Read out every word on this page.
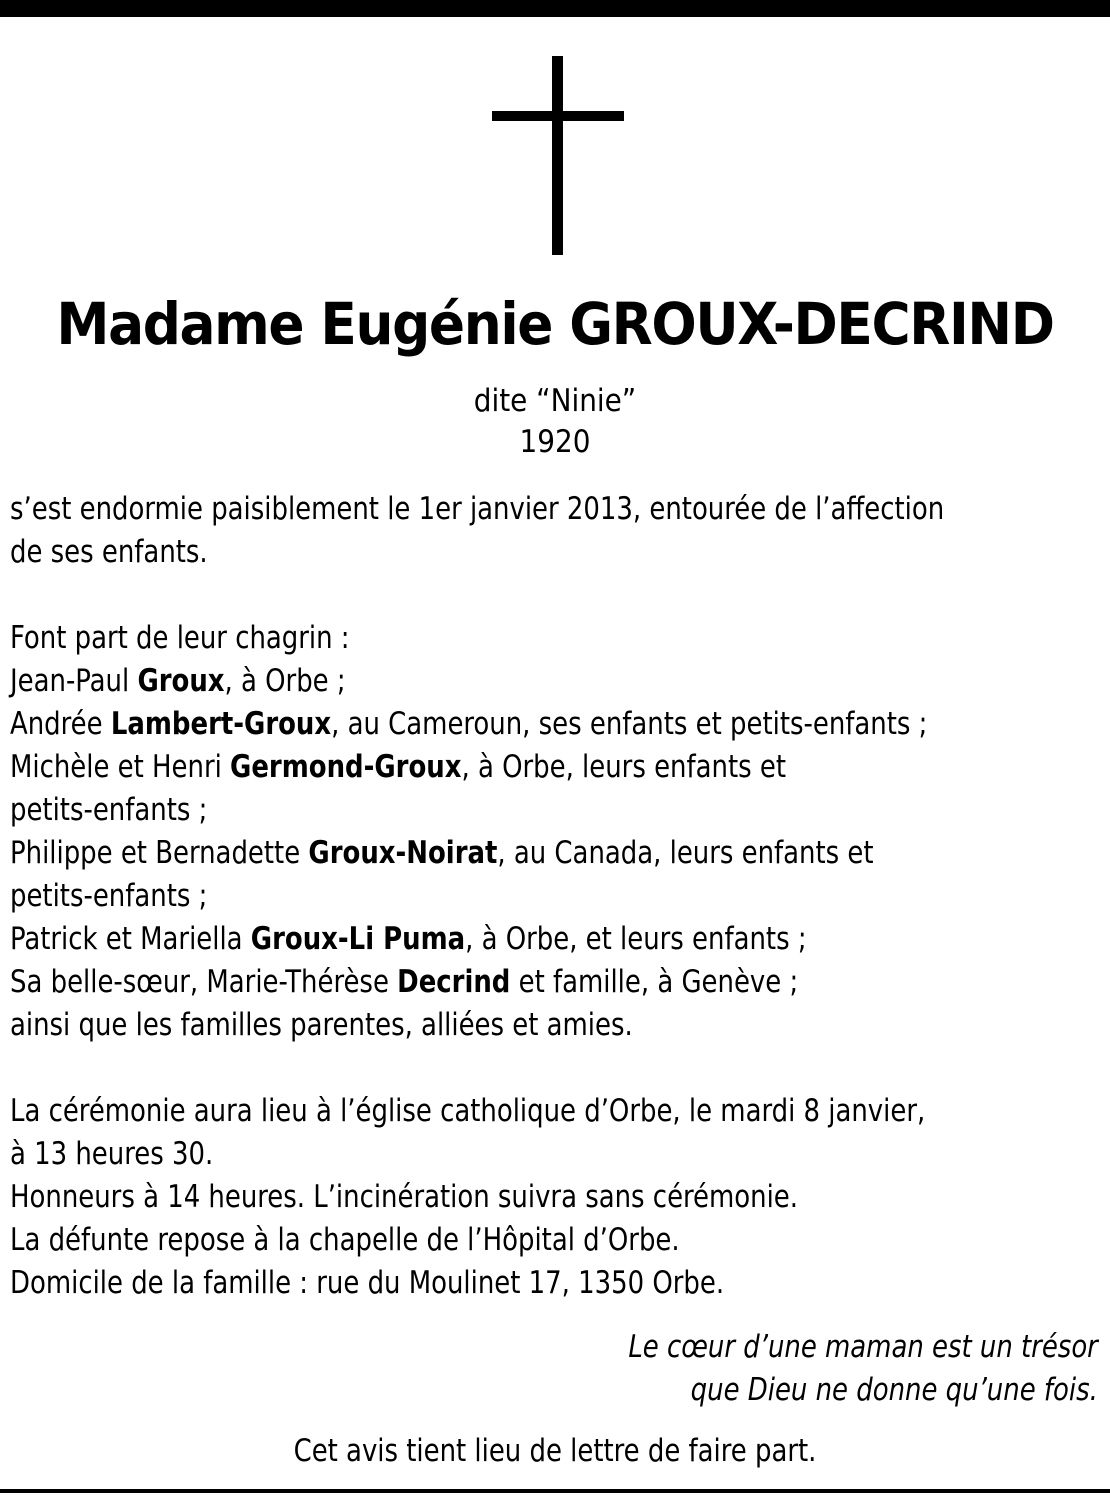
Madame Eugénie GROUX-DECRIND
dite “Ninie”
1920
s’est endormie paisiblement le 1er janvier 2013, entourée de l’affection
de ses enfants.
Font part de leur chagrin :
Jean-Paul Groux, à Orbe ;
Andrée Lambert-Groux, au Cameroun, ses enfants et petits-enfants ;
Michèle et Henri Germond-Groux, à Orbe, leurs enfants et
petits-enfants ;
Philippe et Bernadette Groux-Noirat, au Canada, leurs enfants et
petits-enfants ;
Patrick et Mariella Groux-Li Puma, à Orbe, et leurs enfants ;
Sa belle-sœur, Marie-Thérèse Decrind et famille, à Genève ;
ainsi que les familles parentes, alliées et amies.
La cérémonie aura lieu à l’église catholique d’Orbe, le mardi 8 janvier,
à 13 heures 30.
Honneurs à 14 heures. L’incinération suivra sans cérémonie.
La défunte repose à la chapelle de l’Hôpital d’Orbe.
Domicile de la famille : rue du Moulinet 17, 1350 Orbe.
Le cœur d’une maman est un trésor
que Dieu ne donne qu’une fois.
Cet avis tient lieu de lettre de faire part.
